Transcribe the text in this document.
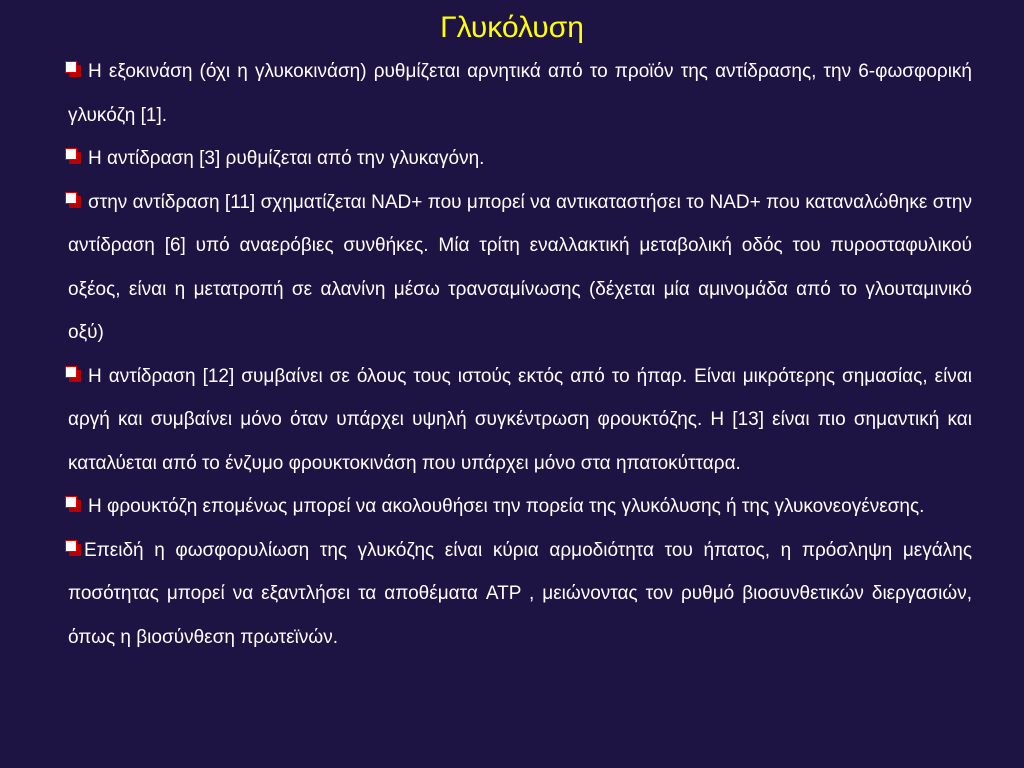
Γλυκόλυση
Η εξοκινάση (όχι η γλυκοκινάση) ρυθμίζεται αρνητικά από το προϊόν της αντίδρασης, την 6-φωσφορική γλυκόζη [1].
Η αντίδραση [3] ρυθμίζεται από την γλυκαγόνη.
στην αντίδραση [11] σχηματίζεται NAD+ που μπορεί να αντικαταστήσει το NAD+ που καταναλώθηκε στην αντίδραση [6] υπό αναερόβιες συνθήκες. Μία τρίτη εναλλακτική μεταβολική οδός του πυροσταφυλικού οξέος, είναι η μετατροπή σε αλανίνη μέσω τρανσαμίνωσης (δέχεται μία αμινομάδα από το γλουταμινικό οξύ)
Η αντίδραση [12] συμβαίνει σε όλους τους ιστούς εκτός από το ήπαρ. Είναι μικρότερης σημασίας, είναι αργή και συμβαίνει μόνο όταν υπάρχει υψηλή συγκέντρωση φρουκτόζης. Η [13] είναι πιο σημαντική και καταλύεται από το ένζυμο φρουκτοκινάση που υπάρχει μόνο στα ηπατοκύτταρα.
Η φρουκτόζη επομένως μπορεί να ακολουθήσει την πορεία της γλυκόλυσης ή της γλυκονεογένεσης.
Επειδή η φωσφορυλίωση της γλυκόζης είναι κύρια αρμοδιότητα του ήπατος, η πρόσληψη μεγάλης ποσότητας μπορεί να εξαντλήσει τα αποθέματα ATP , μειώνοντας τον ρυθμό βιοσυνθετικών διεργασιών, όπως η βιοσύνθεση πρωτεϊνών.
